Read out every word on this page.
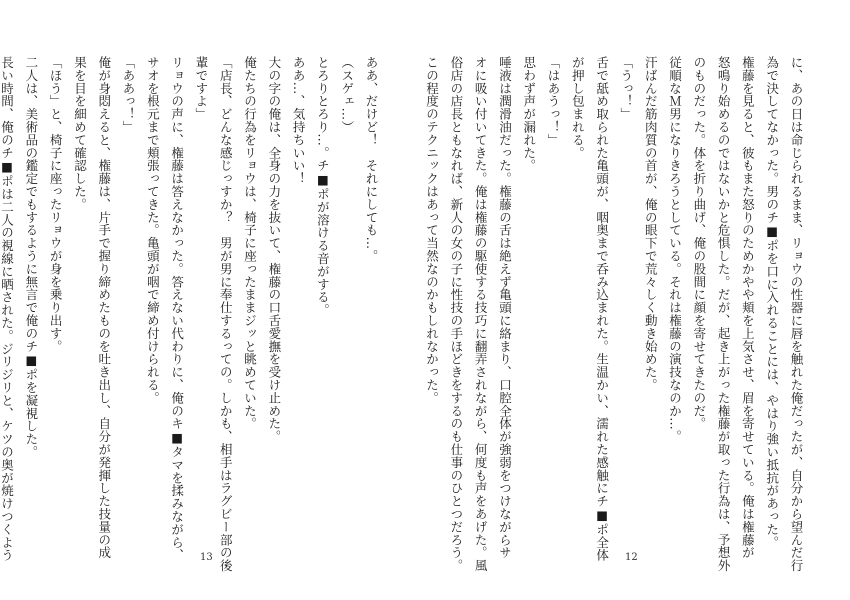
ああ、だけど！　それにしても…。
（スゲェ…）
とろりとろり…。チ■ポが溶ける音がする。
ああ…、気持ちいい！
大の字の俺は、全身の力を抜いて、権藤の口舌愛撫を受け止めた。
俺たちの行為をリョウは、椅子に座ったままジッと眺めていた。
「店長、どんな感じっすか？　男が男に奉仕するっての。しかも、相手はラグビー部の後
輩ですよ」
リョウの声に、権藤は答えなかった。答えない代わりに、俺のキ■タマを揉みながら、
サオを根元まで頬張ってきた。亀頭が咽で締め付けられる。
「ああっ！」
俺が身悶えると、権藤は、片手で握り締めたものを吐き出し、自分が発揮した技量の成
果を目を細めて確認した。
「ほう」と、椅子に座ったリョウが身を乗り出す。
二人は、美術品の鑑定でもするように無言で俺のチ■ポを凝視した。
長い時間、俺のチ■ポは二人の視線に晒された。ジリジリと、ケツの奥が焼けつくよう	13	に、あの日は命じられるまま、リョウの性器に唇を触れた俺だったが、自分から望んだ行
為で決してなかった。男のチ■ポを口に入れることには、やはり強い抵抗があった。
権藤を見ると、彼もまた怒りのためかやや頬を上気させ、眉を寄せている。俺は権藤が
怒鳴り始めるのではないかと危惧した。だが、起き上がった権藤が取った行為は、予想外
のものだった。体を折り曲げ、俺の股間に顔を寄せてきたのだ。
従順なＭ男になりきろうとしている。それは権藤の演技なのか…。
汗ばんだ筋肉質の首が、俺の眼下で荒々しく動き始めた。
「うっ！」
舌で舐め取られた亀頭が、咽奥まで呑み込まれた。生温かい、濡れた感触にチ■ポ全体
が押し包まれる。
「はあうっ！」
思わず声が漏れた。
唾液は潤滑油だった。権藤の舌は絶えず亀頭に絡まり、口腔全体が強弱をつけながらサ
オに吸い付いてきた。俺は権藤の駆使する技巧に翻弄されながら、何度も声をあげた。風
俗店の店長ともなれば、新人の女の子に性技の手ほどきをするのも仕事のひとつだろう。
この程度のテクニックはあって当然なのかもしれなかった。
12
